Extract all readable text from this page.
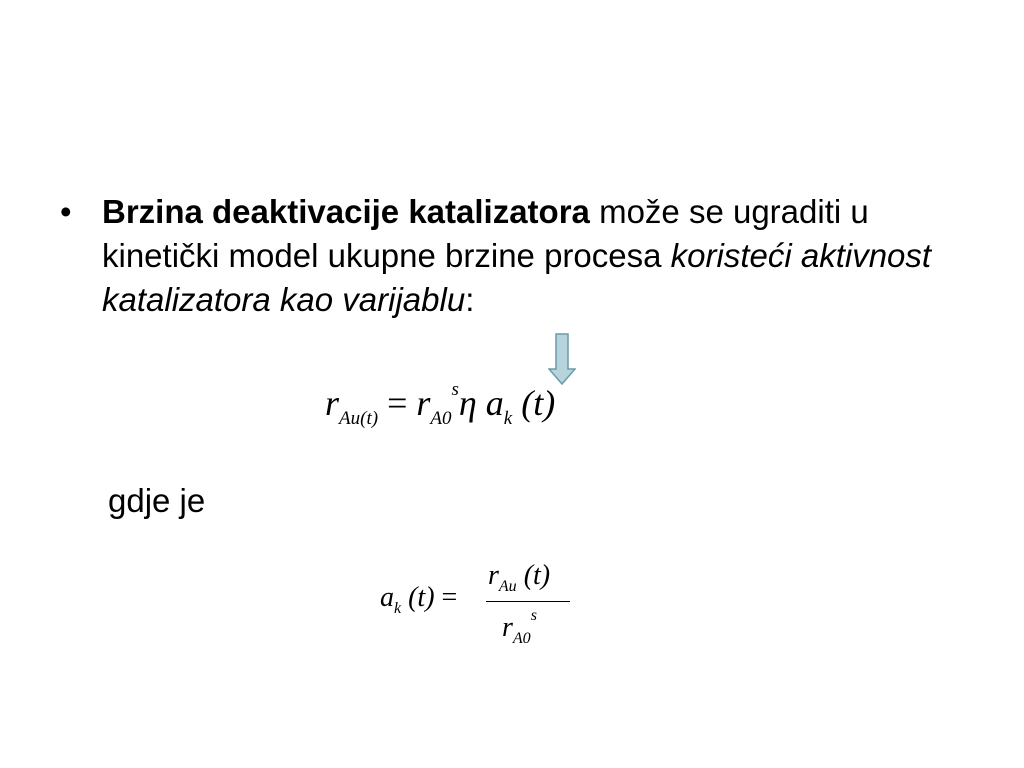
• Brzina deaktivacije katalizatora može se ugraditi u kinetički model ukupne brzine procesa koristeći aktivnost katalizatora kao varijablu:
$r_{Au(t)} = r_{A0}^s\eta$ $a_k$ (t)
gdje je
$a_k$ (t) =
$r_{Au}$ (t)
$r_{A0}^s$
